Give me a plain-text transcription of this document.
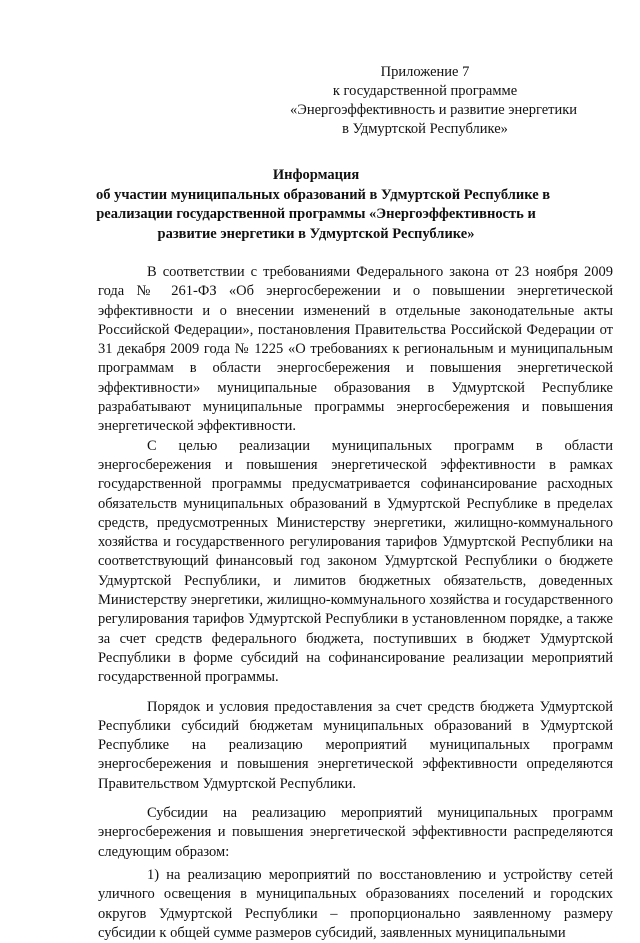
Приложение 7
к государственной программе
«Энергоэффективность и развитие энергетики
в Удмуртской Республике»
Информация
об участии муниципальных образований в Удмуртской Республике в
реализации государственной программы «Энергоэффективность и
развитие энергетики в Удмуртской Республике»

В соответствии с требованиями Федерального закона от 23 ноября 2009 года № 261-ФЗ «Об энергосбережении и о повышении энергетической эффективности и о внесении изменений в отдельные законодательные акты Российской Федерации», постановления Правительства Российской Федерации от 31 декабря 2009 года № 1225 «О требованиях к региональным и муниципальным программам в области энергосбережения и повышения энергетической эффективности» муниципальные образования в Удмуртской Республике разрабатывают муниципальные программы энергосбережения и повышения энергетической эффективности.

С целью реализации муниципальных программ в области энергосбережения и повышения энергетической эффективности в рамках государственной программы предусматривается софинансирование расходных обязательств муниципальных образований в Удмуртской Республике в пределах средств, предусмотренных Министерству энергетики, жилищно-коммунального хозяйства и государственного регулирования тарифов Удмуртской Республики на соответствующий финансовый год законом Удмуртской Республики о бюджете Удмуртской Республики, и лимитов бюджетных обязательств, доведенных Министерству энергетики, жилищно-коммунального хозяйства и государственного регулирования тарифов Удмуртской Республики в установленном порядке, а также за счет средств федерального бюджета, поступивших в бюджет Удмуртской Республики в форме субсидий на софинансирование реализации мероприятий государственной программы.

Порядок и условия предоставления за счет средств бюджета Удмуртской Республики субсидий бюджетам муниципальных образований в Удмуртской Республике на реализацию мероприятий муниципальных программ энергосбережения и повышения энергетической эффективности определяются Правительством Удмуртской Республики.

Субсидии на реализацию мероприятий муниципальных программ энергосбережения и повышения энергетической эффективности распределяются следующим образом:

1) на реализацию мероприятий по восстановлению и устройству сетей уличного освещения в муниципальных образованиях поселений и городских округов Удмуртской Республики – пропорционально заявленному размеру субсидии к общей сумме размеров субсидий, заявленных муниципальными
